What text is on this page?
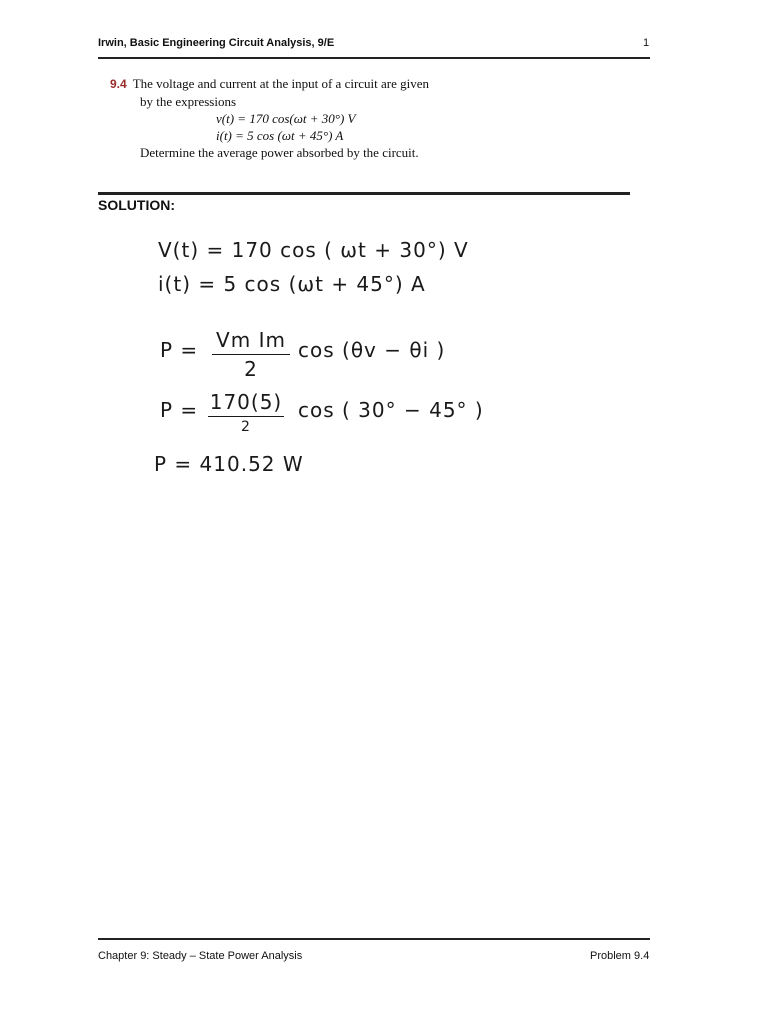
Irwin, Basic Engineering Circuit Analysis, 9/E	1
9.4 The voltage and current at the input of a circuit are given
by the expressions
v(t) = 170 cos(ωt + 30°) V
i(t) = 5 cos (ωt + 45°) A
Determine the average power absorbed by the circuit.
SOLUTION:
V(t) = 170 cos ( ωt + 30°) V
i(t) = 5 cos (ωt + 45°) A
P = Vm Im
2
cos (θv − θi )
P = 170(5)
2
cos ( 30° − 45° )
P = 410.52 W
Chapter 9: Steady – State Power Analysis	Problem 9.4
